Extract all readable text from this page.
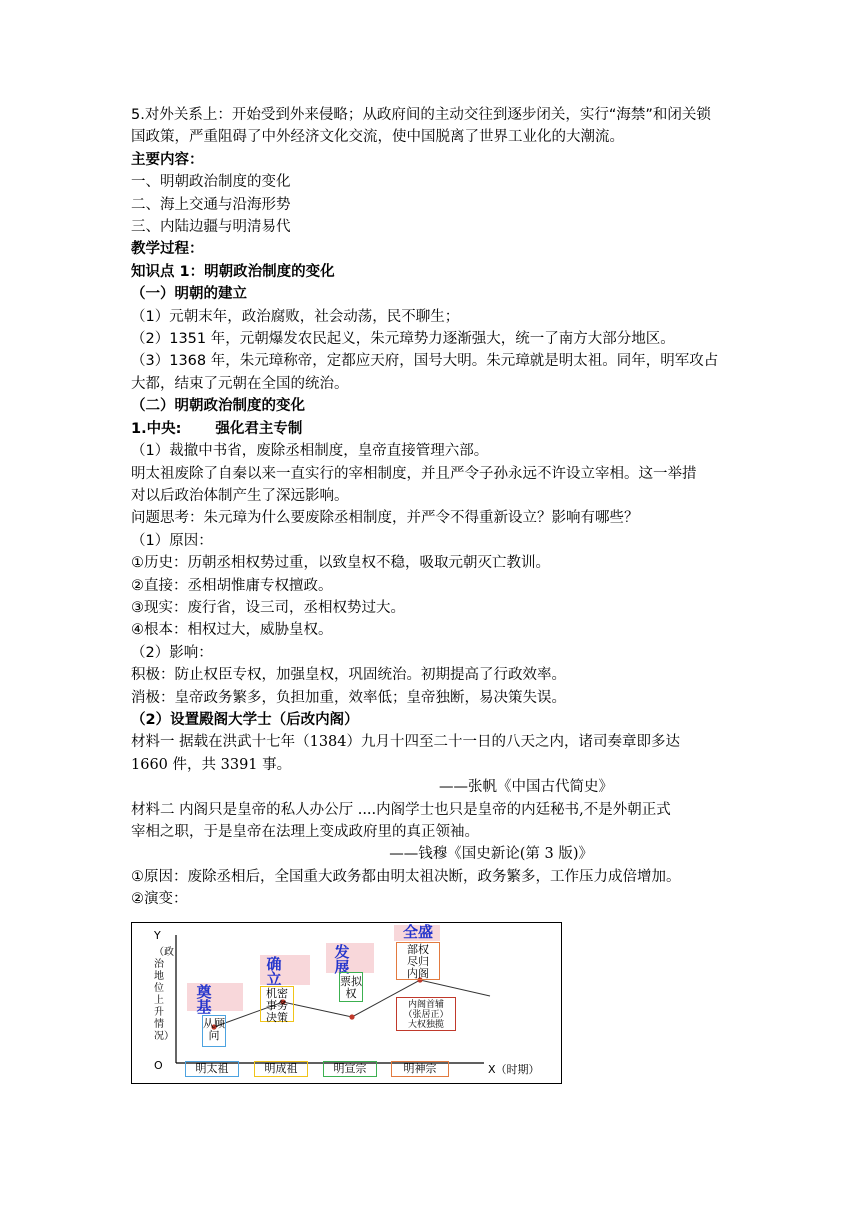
5.对外关系上：开始受到外来侵略；从政府间的主动交往到逐步闭关，实行“海禁”和闭关锁
国政策，严重阻碍了中外经济文化交流，使中国脱离了世界工业化的大潮流。
主要内容：
一、明朝政治制度的变化
二、海上交通与沿海形势
三、内陆边疆与明清易代
教学过程：
知识点 1：明朝政治制度的变化
（一）明朝的建立
（1）元朝末年，政治腐败，社会动荡，民不聊生；
（2）1351 年，元朝爆发农民起义，朱元璋势力逐渐强大，统一了南方大部分地区。
（3）1368 年，朱元璋称帝，定都应天府，国号大明。朱元璋就是明太祖。同年，明军攻占
大都，结束了元朝在全国的统治。
（二）明朝政治制度的变化
1.中央: 强化君主专制
（1）裁撤中书省，废除丞相制度，皇帝直接管理六部。
明太祖废除了自秦以来一直实行的宰相制度，并且严令子孙永远不许设立宰相。这一举措
对以后政治体制产生了深远影响。
问题思考：朱元璋为什么要废除丞相制度，并严令不得重新设立？影响有哪些？
（1）原因：
①历史：历朝丞相权势过重，以致皇权不稳，吸取元朝灭亡教训。
②直接：丞相胡惟庸专权擅政。
③现实：废行省，设三司，丞相权势过大。
④根本：相权过大，威胁皇权。
（2）影响：
积极：防止权臣专权，加强皇权，巩固统治。初期提高了行政效率。
消极：皇帝政务繁多，负担加重，效率低；皇帝独断，易决策失误。
（2）设置殿阁大学士（后改内阁）
材料一 据载在洪武十七年（1384）九月十四至二十一日的八天之内，诸司奏章即多达
1660 件，共 3391 事。
——张帆《中国古代简史》
材料二 内阁只是皇帝的私人办公厅 ....内阁学士也只是皇帝的内廷秘书,不是外朝正式
宰相之职，于是皇帝在法理上变成政府里的真正领袖。
——钱穆《国史新论(第 3 版)》
①原因：废除丞相后，全国重大政务都由明太祖决断，政务繁多，工作压力成倍增加。
②演变：
Y
（政治地位上升情况）
O	X（时期）
奠基
确立
发展
全盛
从顾问
机密事务决策
票拟权
部权尽归内阁
内阁首辅（张居正）大权独揽
明太祖	明成祖	明宣宗	明神宗
